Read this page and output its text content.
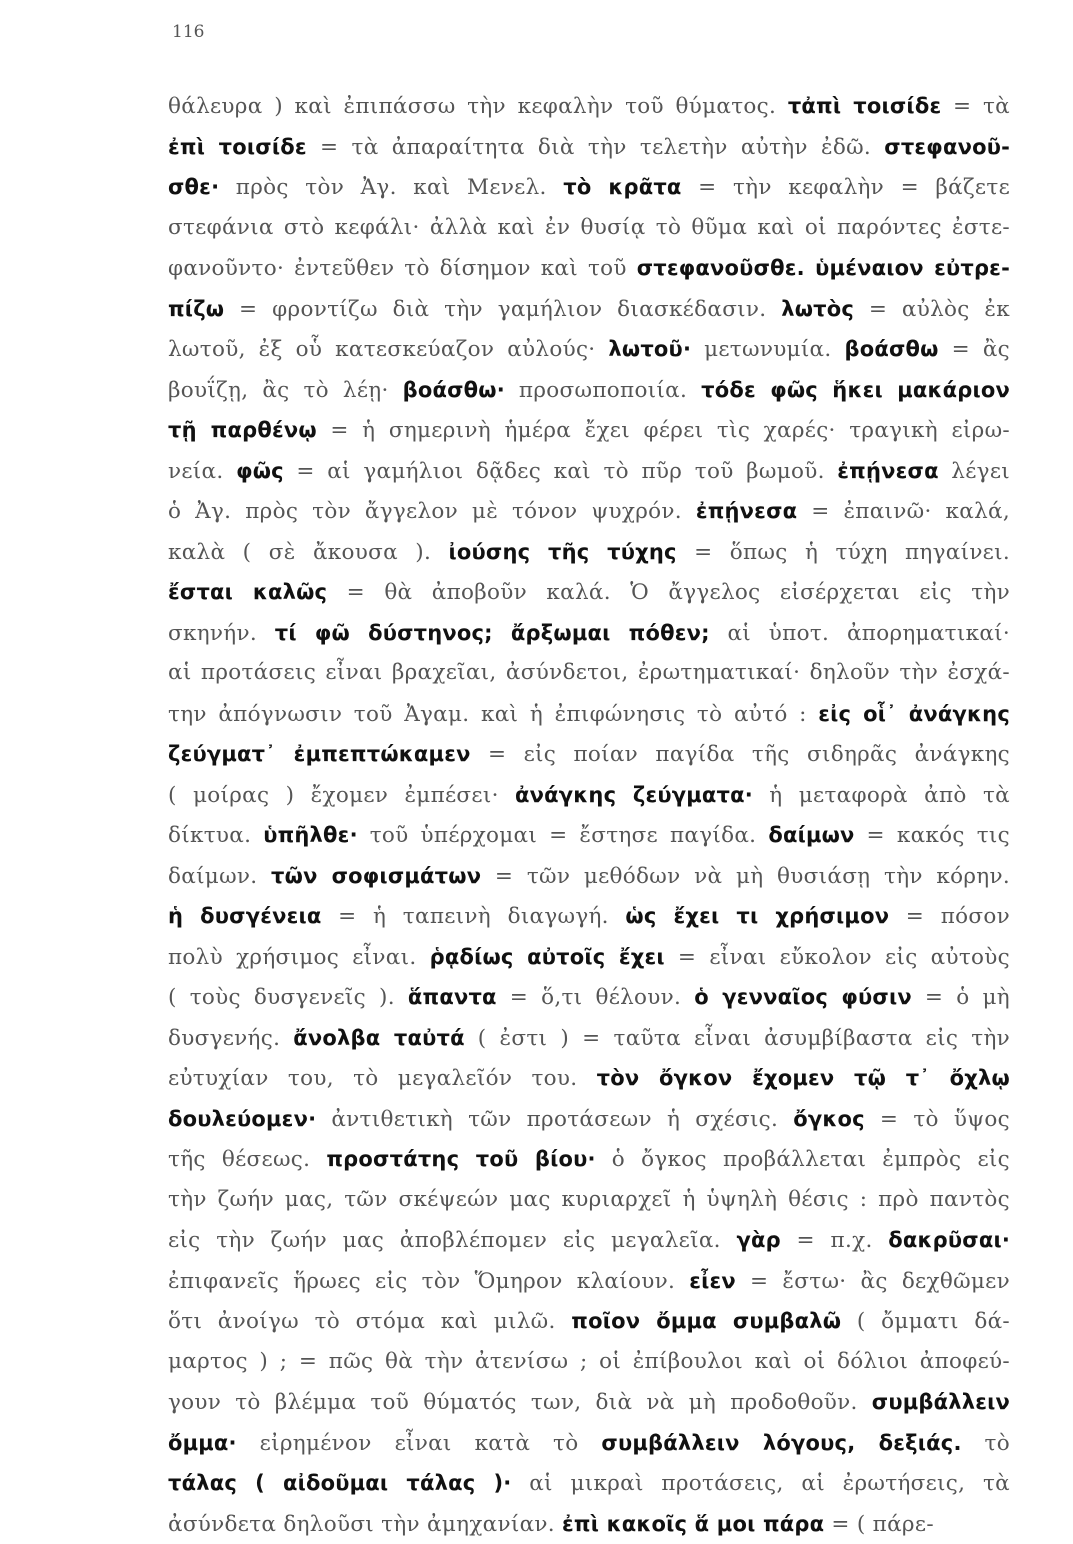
116
θάλευρα ) καὶ ἐπιπάσσω τὴν κεφαλὴν τοῦ θύματος. τἀπὶ τοισίδε = τὰ
ἐπὶ τοισίδε = τὰ ἀπαραίτητα διὰ τὴν τελετὴν αὐτὴν ἐδῶ. στεφανοῦ-
σθε· πρὸς τὸν Ἀγ. καὶ Μενελ. τὸ κρᾶτα = τὴν κεφαλὴν = βάζετε
στεφάνια στὸ κεφάλι· ἀλλὰ καὶ ἐν θυσίᾳ τὸ θῦμα καὶ οἱ παρόντες ἐστε-
φανοῦντο· ἐντεῦθεν τὸ δίσημον καὶ τοῦ στεφανοῦσθε. ὑμέναιον εὐτρε-
πίζω = φροντίζω διὰ τὴν γαμήλιον διασκέδασιν. λωτὸς = αὐλὸς ἐκ
λωτοῦ, ἐξ οὗ κατεσκεύαζον αὐλούς· λωτοῦ· μετωνυμία. βοάσθω = ἂς
βουΐζῃ, ἂς τὸ λέῃ· βοάσθω· προσωποποιία. τόδε φῶς ἥκει μακάριον
τῇ παρθένῳ = ἡ σημερινὴ ἡμέρα ἔχει φέρει τὶς χαρές· τραγικὴ εἰρω-
νεία. φῶς = αἱ γαμήλιοι δᾷδες καὶ τὸ πῦρ τοῦ βωμοῦ. ἐπῄνεσα λέγει
ὁ Ἀγ. πρὸς τὸν ἄγγελον μὲ τόνον ψυχρόν. ἐπῄνεσα = ἐπαινῶ· καλά,
καλὰ ( σὲ ἄκουσα ). ἰούσης τῆς τύχης = ὅπως ἡ τύχη πηγαίνει.
ἔσται καλῶς = θὰ ἀποβοῦν καλά. Ὁ ἄγγελος εἰσέρχεται εἰς τὴν
σκηνήν. τί φῶ δύστηνος; ἄρξωμαι πόθεν; αἱ ὑποτ. ἀπορηματικαί·
αἱ προτάσεις εἶναι βραχεῖαι, ἀσύνδετοι, ἐρωτηματικαί· δηλοῦν τὴν ἐσχά-
την ἀπόγνωσιν τοῦ Ἀγαμ. καὶ ἡ ἐπιφώνησις τὸ αὐτό : εἰς οἷ᾽ ἀνάγκης
ζεύγματ᾽ ἐμπεπτώκαμεν = εἰς ποίαν παγίδα τῆς σιδηρᾶς ἀνάγκης
( μοίρας ) ἔχομεν ἐμπέσει· ἀνάγκης ζεύγματα· ἡ μεταφορὰ ἀπὸ τὰ
δίκτυα. ὑπῆλθε· τοῦ ὑπέρχομαι = ἔστησε παγίδα. δαίμων = κακός τις
δαίμων. τῶν σοφισμάτων = τῶν μεθόδων νὰ μὴ θυσιάσῃ τὴν κόρην.
ἡ δυσγένεια = ἡ ταπεινὴ διαγωγή. ὡς ἔχει τι χρήσιμον = πόσον
πολὺ χρήσιμος εἶναι. ῥᾳδίως αὐτοῖς ἔχει = εἶναι εὔκολον εἰς αὐτοὺς
( τοὺς δυσγενεῖς ). ἅπαντα = ὅ,τι θέλουν. ὁ γενναῖος φύσιν = ὁ μὴ
δυσγενής. ἄνολβα ταὐτά ( ἐστι ) = ταῦτα εἶναι ἀσυμβίβαστα εἰς τὴν
εὐτυχίαν του, τὸ μεγαλεῖόν του. τὸν ὄγκον ἔχομεν τῷ τ᾽ ὄχλῳ
δουλεύομεν· ἀντιθετικὴ τῶν προτάσεων ἡ σχέσις. ὄγκος = τὸ ὕψος
τῆς θέσεως. προστάτης τοῦ βίου· ὁ ὄγκος προβάλλεται ἐμπρὸς εἰς
τὴν ζωήν μας, τῶν σκέψεών μας κυριαρχεῖ ἡ ὑψηλὴ θέσις : πρὸ παντὸς
εἰς τὴν ζωήν μας ἀποβλέπομεν εἰς μεγαλεῖα. γὰρ = π.χ. δακρῦσαι·
ἐπιφανεῖς ἥρωες εἰς τὸν Ὅμηρον κλαίουν. εἶεν = ἔστω· ἂς δεχθῶμεν
ὅτι ἀνοίγω τὸ στόμα καὶ μιλῶ. ποῖον ὄμμα συμβαλῶ ( ὄμματι δά-
μαρτος ) ; = πῶς θὰ τὴν ἀτενίσω ; οἱ ἐπίβουλοι καὶ οἱ δόλιοι ἀποφεύ-
γουν τὸ βλέμμα τοῦ θύματός των, διὰ νὰ μὴ προδοθοῦν. συμβάλλειν
ὄμμα· εἰρημένον εἶναι κατὰ τὸ συμβάλλειν λόγους, δεξιάς. τὸ
τάλας ( αἰδοῦμαι τάλας )· αἱ μικραὶ προτάσεις, αἱ ἐρωτήσεις, τὰ
ἀσύνδετα δηλοῦσι τὴν ἀμηχανίαν. ἐπὶ κακοῖς ἅ μοι πάρα = ( πάρε-
